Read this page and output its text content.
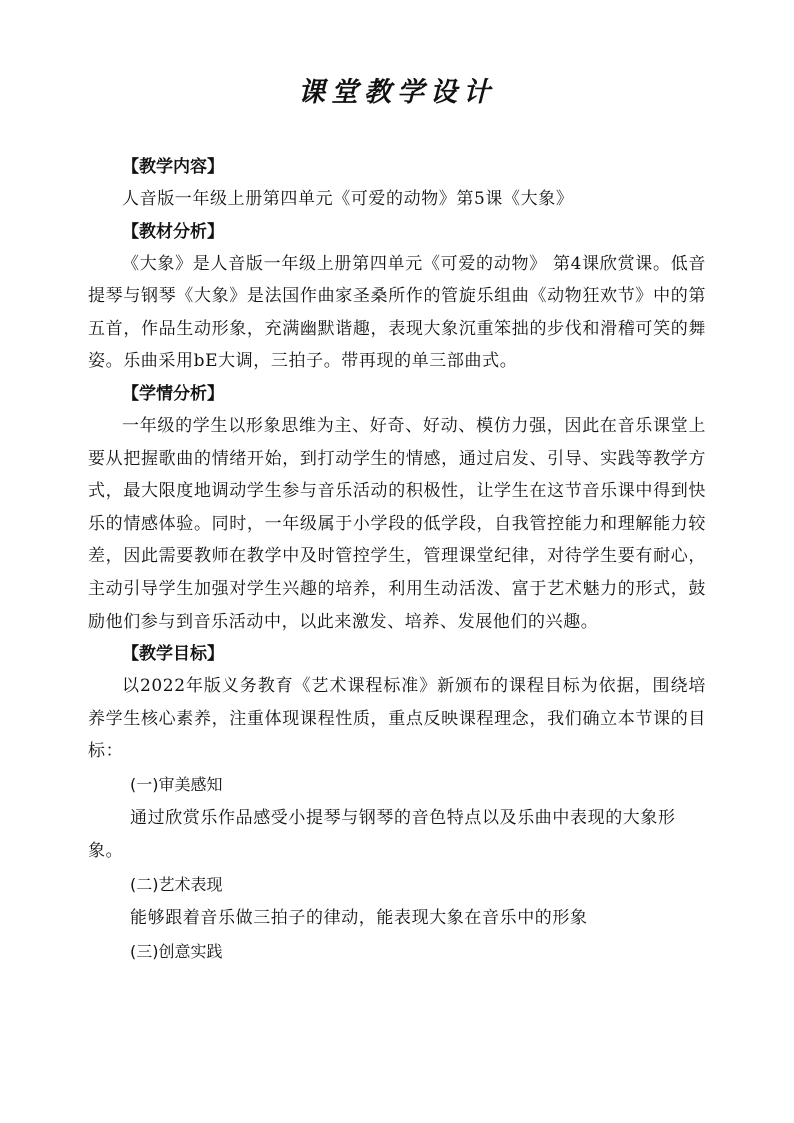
课堂教学设计
【教学内容】

人音版一年级上册第四单元《可爱的动物》第5课《大象》

【教材分析】

《大象》是人音版一年级上册第四单元《可爱的动物》 第4课欣赏课。低音提琴与钢琴《大象》是法国作曲家圣桑所作的管旋乐组曲《动物狂欢节》中的第五首，作品生动形象，充满幽默谐趣，表现大象沉重笨拙的步伐和滑稽可笑的舞姿。乐曲采用bE大调，三拍子。带再现的单三部曲式。

【学情分析】

一年级的学生以形象思维为主、好奇、好动、模仿力强，因此在音乐课堂上要从把握歌曲的情绪开始，到打动学生的情感，通过启发、引导、实践等教学方式，最大限度地调动学生参与音乐活动的积极性，让学生在这节音乐课中得到快乐的情感体验。同时，一年级属于小学段的低学段，自我管控能力和理解能力较差，因此需要教师在教学中及时管控学生，管理课堂纪律，对待学生要有耐心，主动引导学生加强对学生兴趣的培养，利用生动活泼、富于艺术魅力的形式，鼓励他们参与到音乐活动中，以此来激发、培养、发展他们的兴趣。

【教学目标】

以2022年版义务教育《艺术课程标准》新颁布的课程目标为依据，围绕培养学生核心素养，注重体现课程性质，重点反映课程理念，我们确立本节课的目标：

(一)审美感知

通过欣赏乐作品感受小提琴与钢琴的音色特点以及乐曲中表现的大象形象。

(二)艺术表现

能够跟着音乐做三拍子的律动，能表现大象在音乐中的形象

(三)创意实践
